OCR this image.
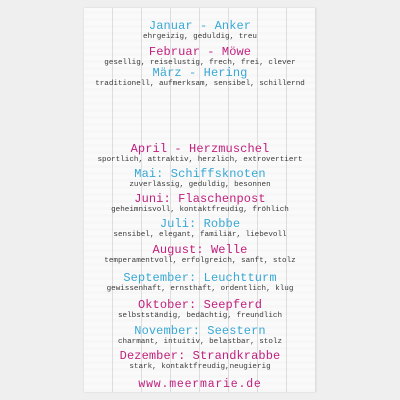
Januar - Anker
ehrgeizig, geduldig, treu
Februar - Möwe
gesellig, reiselustig, frech, frei, clever
März - Hering
traditionell, aufmerksam, sensibel, schillernd
April - Herzmuschel
sportlich, attraktiv, herzlich, extrovertiert
Mai: Schiffsknoten
zuverlässig, geduldig, besonnen
Juni: Flaschenpost
geheimnisvoll, kontaktfreudig, fröhlich
Juli: Robbe
sensibel, elegant, familiär, liebevoll
August: Welle
temperamentvoll, erfolgreich, sanft, stolz
September: Leuchtturm
gewissenhaft, ernsthaft, ordentlich, klug
Oktober: Seepferd
selbstständig, bedächtig, freundlich
November: Seestern
charmant, intuitiv, belastbar, stolz
Dezember: Strandkrabbe
stark, kontaktfreudig,neugierig
www.meermarie.de
